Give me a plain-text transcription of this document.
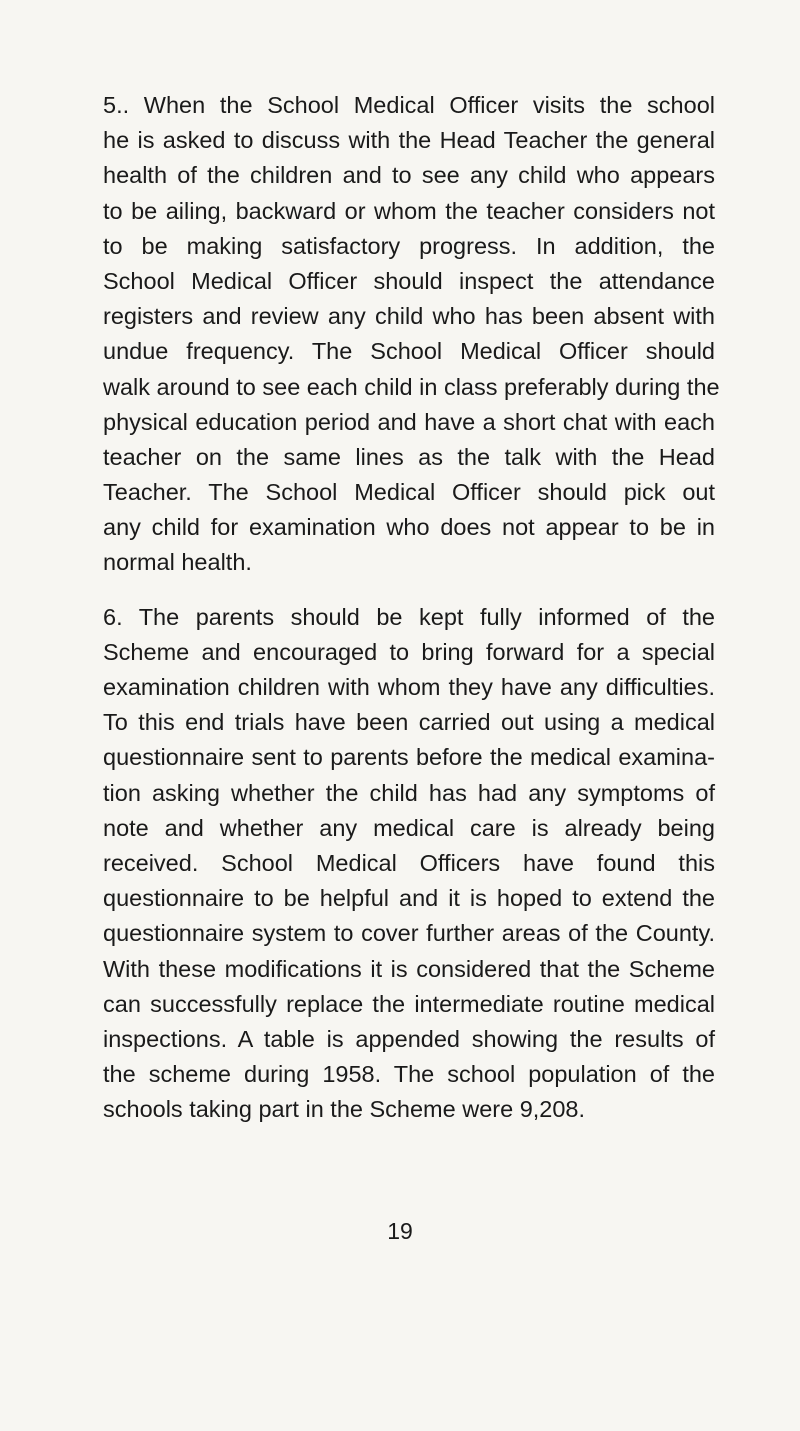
5.. When the School Medical Officer visits the school
he is asked to discuss with the Head Teacher the general
health of the children and to see any child who appears
to be ailing, backward or whom the teacher considers not
to be making satisfactory progress. In addition, the
School Medical Officer should inspect the attendance
registers and review any child who has been absent with
undue frequency. The School Medical Officer should
walk around to see each child in class preferably during the
physical education period and have a short chat with each
teacher on the same lines as the talk with the Head
Teacher. The School Medical Officer should pick out
any child for examination who does not appear to be in
normal health.
6. The parents should be kept fully informed of the
Scheme and encouraged to bring forward for a special
examination children with whom they have any difficulties.
To this end trials have been carried out using a medical
questionnaire sent to parents before the medical examina-
tion asking whether the child has had any symptoms of
note and whether any medical care is already being
received. School Medical Officers have found this
questionnaire to be helpful and it is hoped to extend the
questionnaire system to cover further areas of the County.
With these modifications it is considered that the Scheme
can successfully replace the intermediate routine medical
inspections. A table is appended showing the results of
the scheme during 1958. The school population of the
schools taking part in the Scheme were 9,208.
19
